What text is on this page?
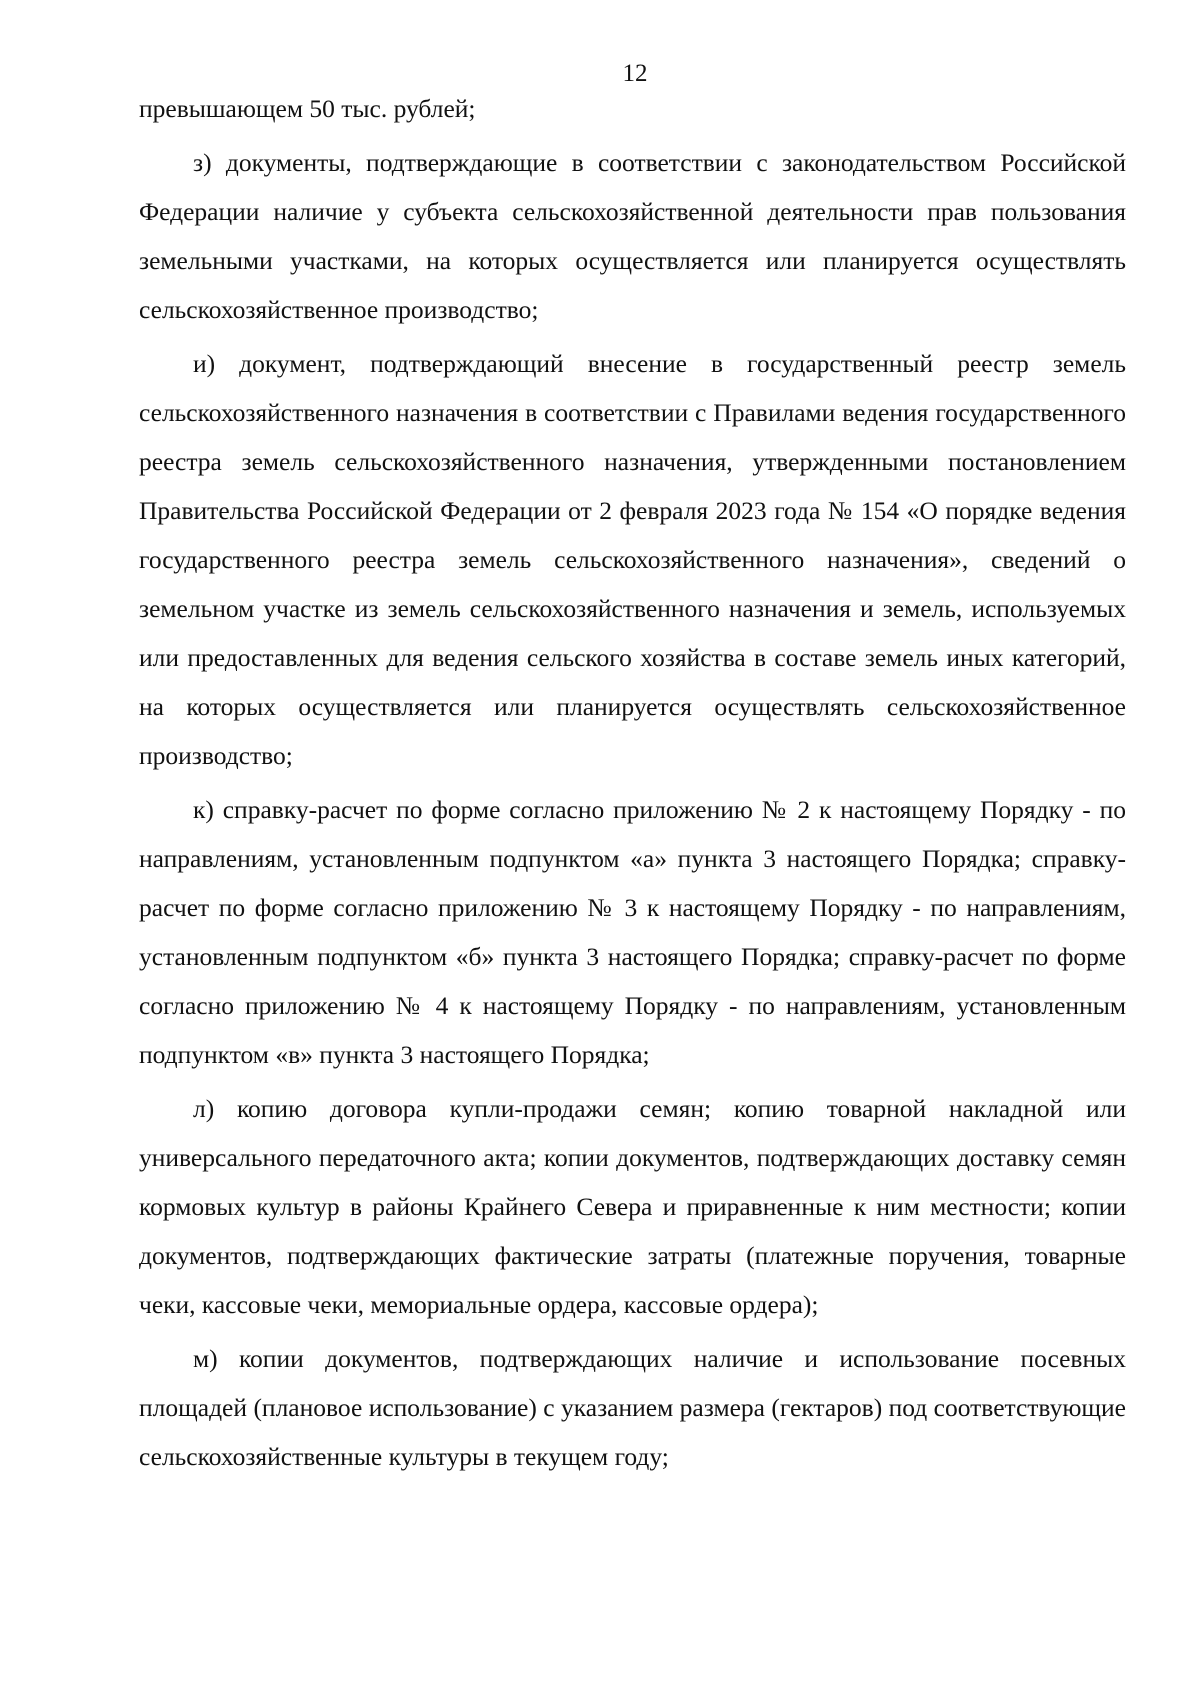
12

превышающем 50 тыс. рублей;

з) документы, подтверждающие в соответствии с законодательством Российской Федерации наличие у субъекта сельскохозяйственной деятельности прав пользования земельными участками, на которых осуществляется или планируется осуществлять сельскохозяйственное производство;

и) документ, подтверждающий внесение в государственный реестр земель сельскохозяйственного назначения в соответствии с Правилами ведения государственного реестра земель сельскохозяйственного назначения, утвержденными постановлением Правительства Российской Федерации от 2 февраля 2023 года № 154 «О порядке ведения государственного реестра земель сельскохозяйственного назначения», сведений о земельном участке из земель сельскохозяйственного назначения и земель, используемых или предоставленных для ведения сельского хозяйства в составе земель иных категорий, на которых осуществляется или планируется осуществлять сельскохозяйственное производство;

к) справку-расчет по форме согласно приложению № 2 к настоящему Порядку - по направлениям, установленным подпунктом «а» пункта 3 настоящего Порядка; справку-расчет по форме согласно приложению № 3 к настоящему Порядку - по направлениям, установленным подпунктом «б» пункта 3 настоящего Порядка; справку-расчет по форме согласно приложению № 4 к настоящему Порядку - по направлениям, установленным подпунктом «в» пункта 3 настоящего Порядка;

л) копию договора купли-продажи семян; копию товарной накладной или универсального передаточного акта; копии документов, подтверждающих доставку семян кормовых культур в районы Крайнего Севера и приравненные к ним местности; копии документов, подтверждающих фактические затраты (платежные поручения, товарные чеки, кассовые чеки, мемориальные ордера, кассовые ордера);

м) копии документов, подтверждающих наличие и использование посевных площадей (плановое использование) с указанием размера (гектаров) под соответствующие сельскохозяйственные культуры в текущем году;
